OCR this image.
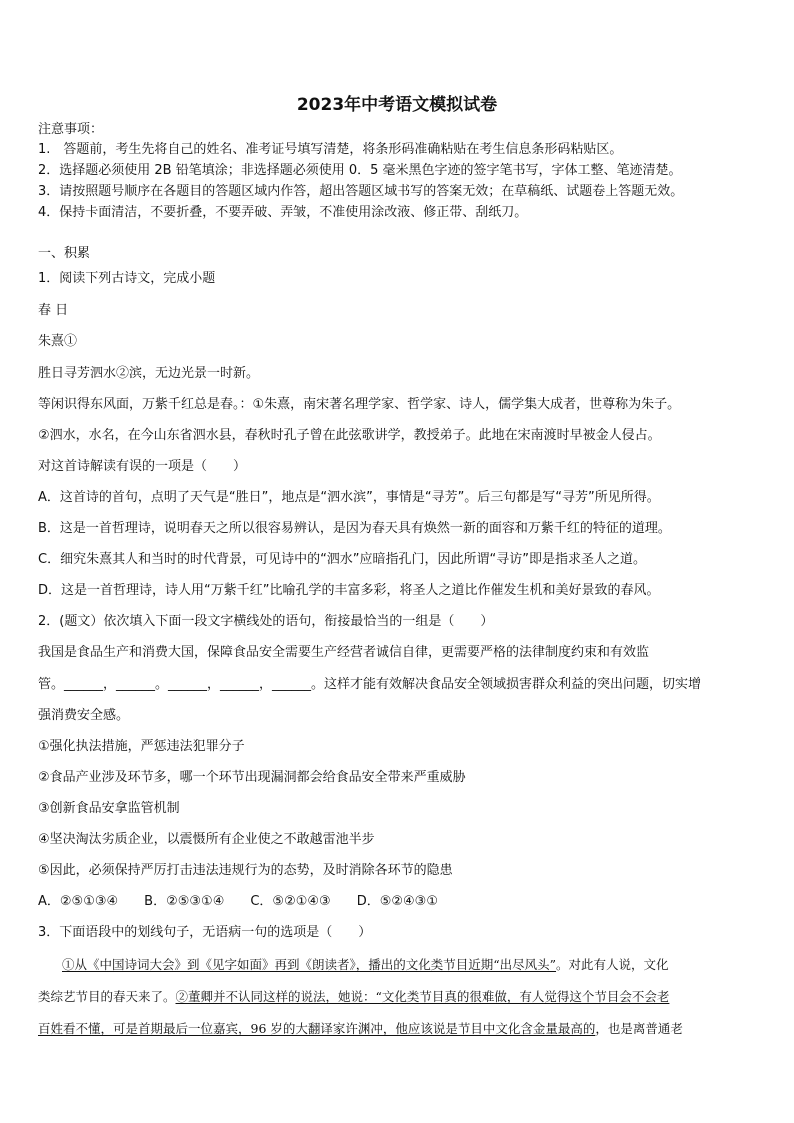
2023年中考语文模拟试卷
注意事项：
1.　答题前，考生先将自己的姓名、准考证号填写清楚，将条形码准确粘贴在考生信息条形码粘贴区。
2．选择题必须使用 2B 铅笔填涂；非选择题必须使用 0．5 毫米黑色字迹的签字笔书写，字体工整、笔迹清楚。
3．请按照题号顺序在各题目的答题区域内作答，超出答题区域书写的答案无效；在草稿纸、试题卷上答题无效。
4．保持卡面清洁，不要折叠，不要弄破、弄皱，不准使用涂改液、修正带、刮纸刀。
一、积累
1．阅读下列古诗文，完成小题
春 日
朱熹①
胜日寻芳泗水②滨，无边光景一时新。
等闲识得东风面，万紫千红总是春。：①朱熹，南宋著名理学家、哲学家、诗人，儒学集大成者，世尊称为朱子。
②泗水，水名，在今山东省泗水县，春秋时孔子曾在此弦歌讲学，教授弟子。此地在宋南渡时早被金人侵占。
对这首诗解读有误的一项是（　　）
A．这首诗的首句，点明了天气是“胜日”，地点是“泗水滨”，事情是“寻芳”。后三句都是写“寻芳”所见所得。
B．这是一首哲理诗，说明春天之所以很容易辨认，是因为春天具有焕然一新的面容和万紫千红的特征的道理。
C．细究朱熹其人和当时的时代背景，可见诗中的“泗水”应暗指孔门，因此所谓“寻访”即是指求圣人之道。
D．这是一首哲理诗，诗人用“万紫千红”比喻孔学的丰富多彩，将圣人之道比作催发生机和美好景致的春风。
2．(题文）依次填入下面一段文字横线处的语句，衔接最恰当的一组是（　　）
我国是食品生产和消费大国，保障食品安全需要生产经营者诚信自律，更需要严格的法律制度约束和有效监
管。______，______。______，______，______。这样才能有效解决食品安全领域损害群众利益的突出问题，切实增
强消费安全感。
①强化执法措施，严惩违法犯罪分子
②食品产业涉及环节多，哪一个环节出现漏洞都会给食品安全带来严重威胁
③创新食品安拿监管机制
④坚决淘汰劣质企业，以震慑所有企业使之不敢越雷池半步
⑤因此，必须保持严厉打击违法违规行为的态势，及时消除各环节的隐患
A．②⑤①③④　　B．②⑤③①④　　C．⑤②①④③　　D．⑤②④③①
3．下面语段中的划线句子，无语病一句的选项是（　　）
①从《中国诗词大会》到《见字如面》再到《朗读者》，播出的文化类节目近期“出尽风头”。对此有人说，文化
类综艺节目的春天来了。②董卿并不认同这样的说法，她说：“文化类节目真的很难做，有人觉得这个节目会不会老
百姓看不懂，可是首期最后一位嘉宾，96 岁的大翻译家许渊冲，他应该说是节目中文化含金量最高的，也是离普通老
